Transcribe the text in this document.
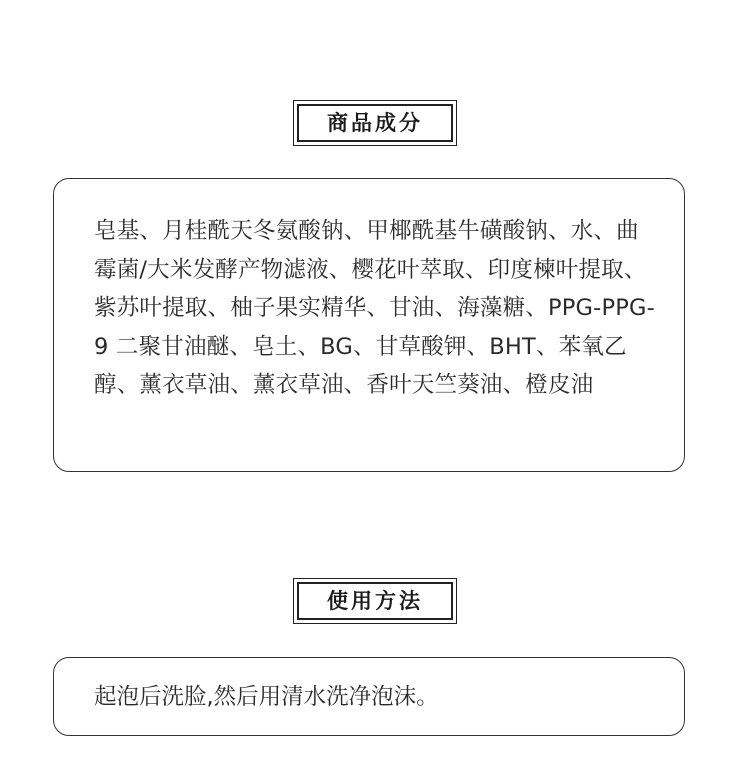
商品成分

皂基、月桂酰天冬氨酸钠、甲椰酰基牛磺酸钠、水、曲霉菌/大米发酵产物滤液、樱花叶萃取、印度楝叶提取、紫苏叶提取、柚子果实精华、甘油、海藻糖、PPG-PPG-9 二聚甘油醚、皂土、BG、甘草酸钾、BHT、苯氧乙醇、薰衣草油、薰衣草油、香叶天竺葵油、橙皮油

使用方法

起泡后洗脸,然后用清水洗净泡沫。
